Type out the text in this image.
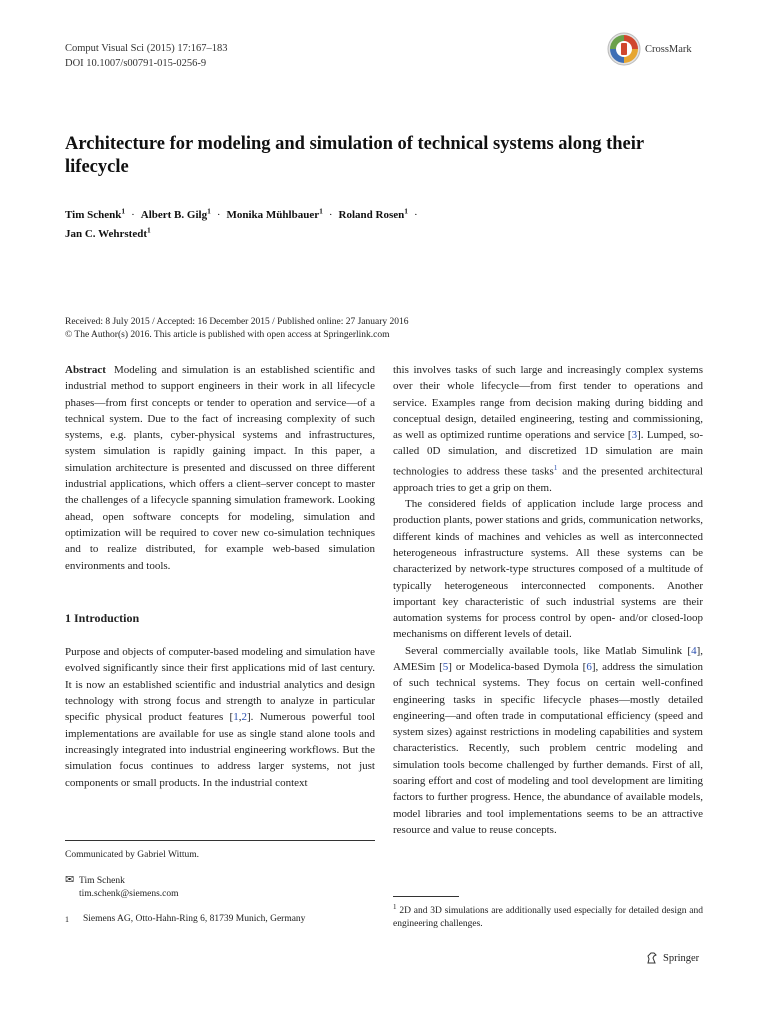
Comput Visual Sci (2015) 17:167–183
DOI 10.1007/s00791-015-0256-9
CrossMark
Architecture for modeling and simulation of technical systems along their lifecycle
Tim Schenk$^1$ · Albert B. Gilg$^1$ · Monika Mühlbauer$^1$ · Roland Rosen$^1$ ·
Jan C. Wehrstedt$^1$
Received: 8 July 2015 / Accepted: 16 December 2015 / Published online: 27 January 2016
© The Author(s) 2016. This article is published with open access at Springerlink.com

Abstract Modeling and simulation is an established scientific and industrial method to support engineers in their work in all lifecycle phases—from first concepts or tender to operation and service—of a technical system. Due to the fact of increasing complexity of such systems, e.g. plants, cyber-physical systems and infrastructures, system simulation is rapidly gaining impact. In this paper, a simulation architecture is presented and discussed on three different industrial applications, which offers a client–server concept to master the challenges of a lifecycle spanning simulation framework. Looking ahead, open software concepts for modeling, simulation and optimization will be required to cover new co-simulation techniques and to realize distributed, for example web-based simulation environments and tools.

1 Introduction

Purpose and objects of computer-based modeling and simulation have evolved significantly since their first applications mid of last century. It is now an established scientific and industrial analytics and design technology with strong focus and strength to analyze in particular specific physical product features [1,2]. Numerous powerful tool implementations are available for use as single stand alone tools and increasingly integrated into industrial engineering workflows. But the simulation focus continues to address larger systems, not just components or small products. In the industrial context

this involves tasks of such large and increasingly complex systems over their whole lifecycle—from first tender to operations and service. Examples range from decision making during bidding and conceptual design, detailed engineering, testing and commissioning, as well as optimized runtime operations and service [3]. Lumped, so-called 0D simulation, and discretized 1D simulation are main technologies to address these tasks$^1$ and the presented architectural approach tries to get a grip on them.

The considered fields of application include large process and production plants, power stations and grids, communication networks, different kinds of machines and vehicles as well as interconnected heterogeneous infrastructure systems. All these systems can be characterized by network-type structures composed of a multitude of typically heterogeneous interconnected components. Another important key characteristic of such industrial systems are their automation systems for process control by open- and/or closed-loop mechanisms on different levels of detail.

Several commercially available tools, like Matlab Simulink [4], AMESim [5] or Modelica-based Dymola [6], address the simulation of such technical systems. They focus on certain well-confined engineering tasks in specific lifecycle phases—mostly detailed engineering—and often trade in computational efficiency (speed and system sizes) against restrictions in modeling capabilities and system characteristics. Recently, such problem centric modeling and simulation tools become challenged by further demands. First of all, soaring effort and cost of modeling and tool development are limiting factors to further progress. Hence, the abundance of available models, model libraries and tool implementations seems to be an attractive resource and value to reuse concepts.

Communicated by Gabriel Wittum.
✉ Tim Schenk
tim.schenk@siemens.com
1 Siemens AG, Otto-Hahn-Ring 6, 81739 Munich, Germany
$^1$ 2D and 3D simulations are additionally used especially for detailed design and engineering challenges.
Springer
